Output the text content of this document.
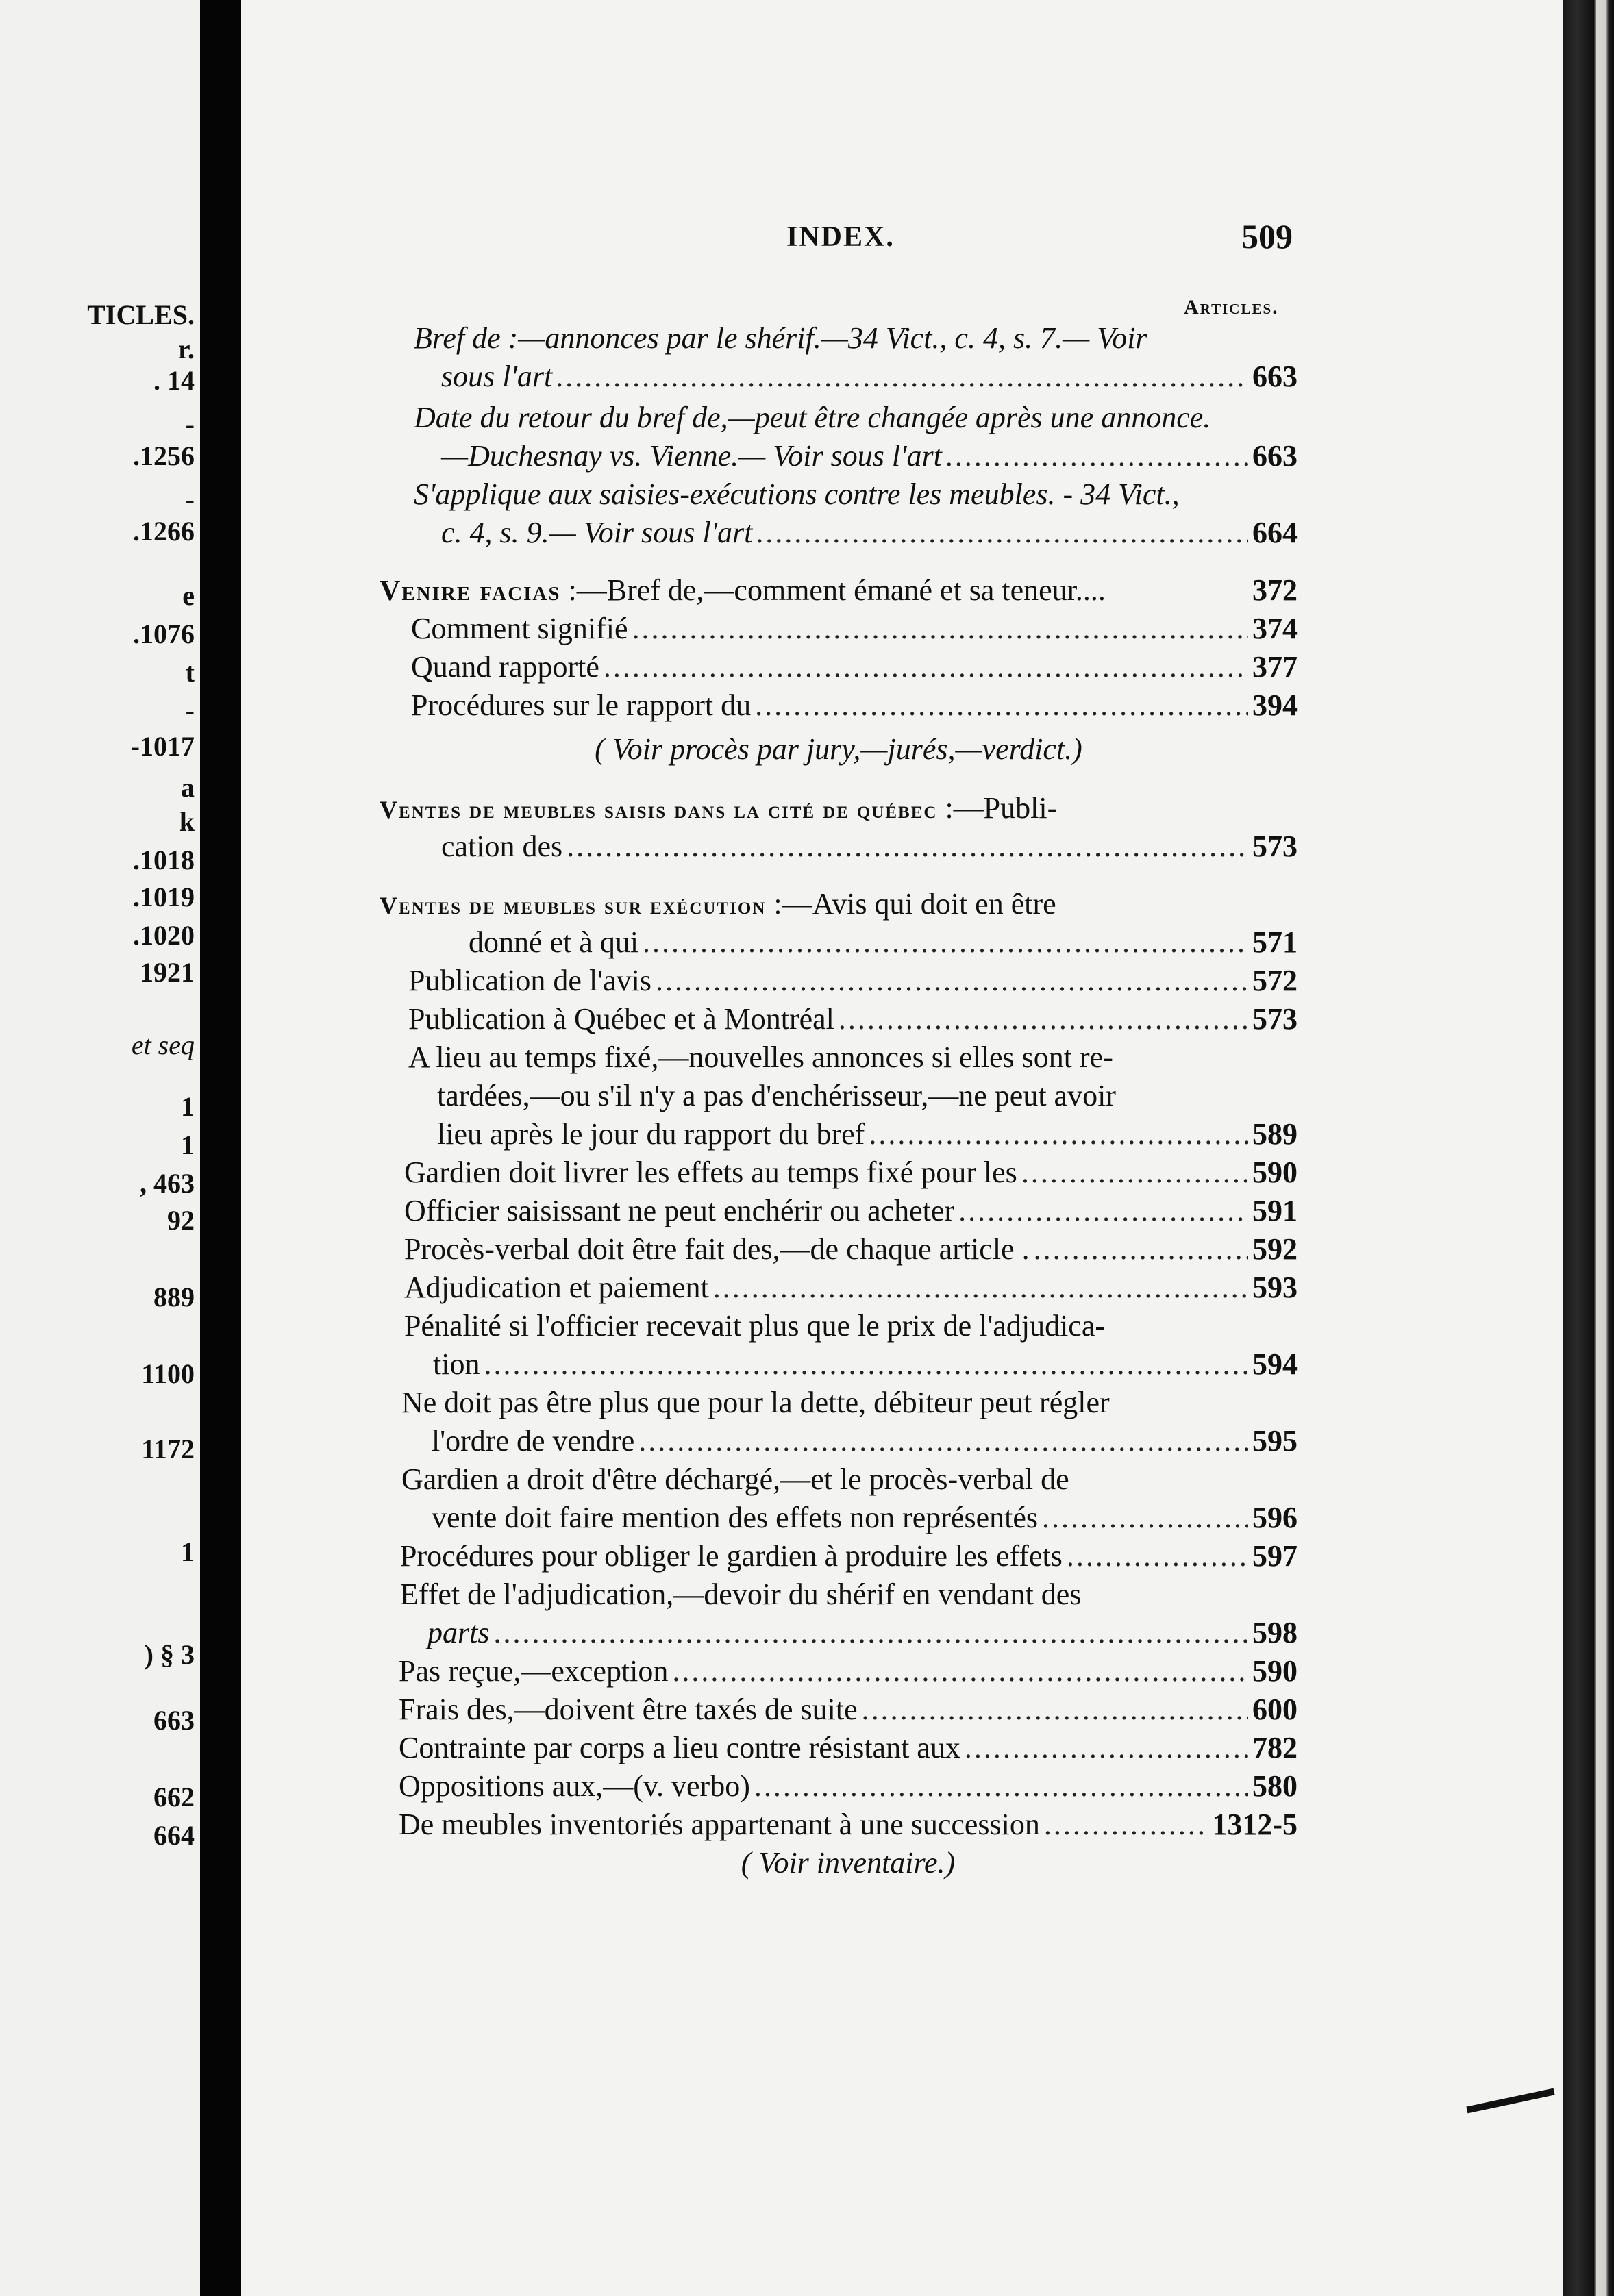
TICLES.
r.
. 14
-
.1256
-
.1266
e
.1076
t
-
-1017
a
k
.1018
.1019
.1020
1921
et seq
1
1
, 463
92
889
1100
1172
1
) § 3
663
662
664
INDEX.	509
Articles.
Bref de :—annonces par le shérif.—34 Vict., c. 4, s. 7.— Voir
sous l'art .....	663
Date du retour du bref de,—peut être changée après une annonce.
—Duchesnay vs. Vienne.— Voir sous l'art .....	663
S'applique aux saisies-exécutions contre les meubles. - 34 Vict.,
c. 4, s. 9.— Voir sous l'art .....	664
Venire facias :—Bref de,—comment émané et sa teneur....	372
Comment signifié .....	374
Quand rapporté .....	377
Procédures sur le rapport du .....	394
( Voir procès par jury,—jurés,—verdict.)
Ventes de meubles saisis dans la cité de québec :—Publi-
cation des .....	573
Ventes de meubles sur exécution :—Avis qui doit en être
donné et à qui .....	571
Publication de l'avis .....	572
Publication à Québec et à Montréal .....	573
A lieu au temps fixé,—nouvelles annonces si elles sont re-
tardées,—ou s'il n'y a pas d'enchérisseur,—ne peut avoir
lieu après le jour du rapport du bref .....	589
Gardien doit livrer les effets au temps fixé pour les .....	590
Officier saisissant ne peut enchérir ou acheter .....	591
Procès-verbal doit être fait des,—de chaque article . .....	592
Adjudication et paiement .....	593
Pénalité si l'officier recevait plus que le prix de l'adjudica-
tion .....	594
Ne doit pas être plus que pour la dette, débiteur peut régler
l'ordre de vendre .....	595
Gardien a droit d'être déchargé,—et le procès-verbal de
vente doit faire mention des effets non représentés .....	596
Procédures pour obliger le gardien à produire les effets .....	597
Effet de l'adjudication,—devoir du shérif en vendant des
parts .....	598
Pas reçue,—exception .....	590
Frais des,—doivent être taxés de suite .....	600
Contrainte par corps a lieu contre résistant aux .....	782
Oppositions aux,—(v. verbo) .....	580
De meubles inventoriés appartenant à une succession .....	1312-5
( Voir inventaire.)
